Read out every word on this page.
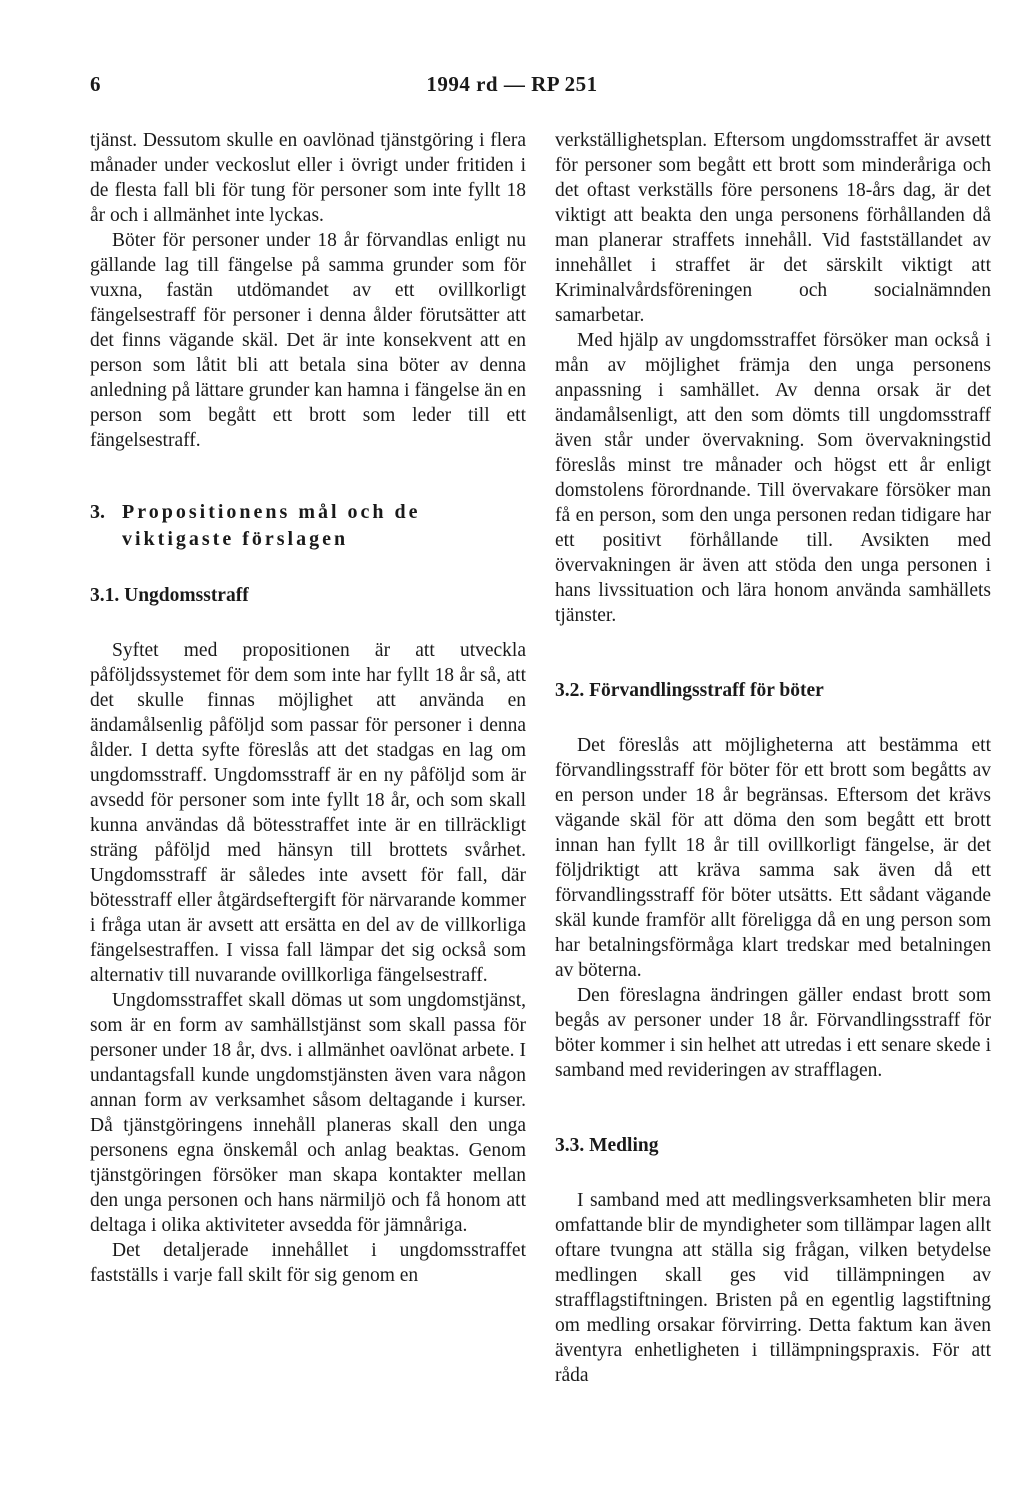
6	1994 rd — RP 251

tjänst. Dessutom skulle en oavlönad tjänstgöring i flera månader under veckoslut eller i övrigt under fritiden i de flesta fall bli för tung för personer som inte fyllt 18 år och i allmänhet inte lyckas.

Böter för personer under 18 år förvandlas enligt nu gällande lag till fängelse på samma grunder som för vuxna, fastän utdömandet av ett ovillkorligt fängelsestraff för personer i denna ålder förutsätter att det finns vägande skäl. Det är inte konsekvent att en person som låtit bli att betala sina böter av denna anledning på lättare grunder kan hamna i fängelse än en person som begått ett brott som leder till ett fängelsestraff.

3. Propositionens mål och de viktigaste förslagen
3.1. Ungdomsstraff

Syftet med propositionen är att utveckla påföljdssystemet för dem som inte har fyllt 18 år så, att det skulle finnas möjlighet att använda en ändamålsenlig påföljd som passar för personer i denna ålder. I detta syfte föreslås att det stadgas en lag om ungdomsstraff. Ungdomsstraff är en ny påföljd som är avsedd för personer som inte fyllt 18 år, och som skall kunna användas då bötesstraffet inte är en tillräckligt sträng påföljd med hänsyn till brottets svårhet. Ungdomsstraff är således inte avsett för fall, där bötesstraff eller åtgärdseftergift för närvarande kommer i fråga utan är avsett att ersätta en del av de villkorliga fängelsestraffen. I vissa fall lämpar det sig också som alternativ till nuvarande ovillkorliga fängelsestraff.

Ungdomsstraffet skall dömas ut som ungdomstjänst, som är en form av samhällstjänst som skall passa för personer under 18 år, dvs. i allmänhet oavlönat arbete. I undantagsfall kunde ungdomstjänsten även vara någon annan form av verksamhet såsom deltagande i kurser. Då tjänstgöringens innehåll planeras skall den unga personens egna önskemål och anlag beaktas. Genom tjänstgöringen försöker man skapa kontakter mellan den unga personen och hans närmiljö och få honom att deltaga i olika aktiviteter avsedda för jämnåriga.

Det detaljerade innehållet i ungdomsstraffet fastställs i varje fall skilt för sig genom en

verkställighetsplan. Eftersom ungdomsstraffet är avsett för personer som begått ett brott som minderåriga och det oftast verkställs före personens 18-års dag, är det viktigt att beakta den unga personens förhållanden då man planerar straffets innehåll. Vid fastställandet av innehållet i straffet är det särskilt viktigt att Kriminalvårdsföreningen och socialnämnden samarbetar.

Med hjälp av ungdomsstraffet försöker man också i mån av möjlighet främja den unga personens anpassning i samhället. Av denna orsak är det ändamålsenligt, att den som dömts till ungdomsstraff även står under övervakning. Som övervakningstid föreslås minst tre månader och högst ett år enligt domstolens förordnande. Till övervakare försöker man få en person, som den unga personen redan tidigare har ett positivt förhållande till. Avsikten med övervakningen är även att stöda den unga personen i hans livssituation och lära honom använda samhällets tjänster.

3.2. Förvandlingsstraff för böter

Det föreslås att möjligheterna att bestämma ett förvandlingsstraff för böter för ett brott som begåtts av en person under 18 år begränsas. Eftersom det krävs vägande skäl för att döma den som begått ett brott innan han fyllt 18 år till ovillkorligt fängelse, är det följdriktigt att kräva samma sak även då ett förvandlingsstraff för böter utsätts. Ett sådant vägande skäl kunde framför allt föreligga då en ung person som har betalningsförmåga klart tredskar med betalningen av böterna.

Den föreslagna ändringen gäller endast brott som begås av personer under 18 år. Förvandlingsstraff för böter kommer i sin helhet att utredas i ett senare skede i samband med revideringen av strafflagen.

3.3. Medling

I samband med att medlingsverksamheten blir mera omfattande blir de myndigheter som tillämpar lagen allt oftare tvungna att ställa sig frågan, vilken betydelse medlingen skall ges vid tillämpningen av strafflagstiftningen. Bristen på en egentlig lagstiftning om medling orsakar förvirring. Detta faktum kan även äventyra enhetligheten i tillämpningspraxis. För att råda
